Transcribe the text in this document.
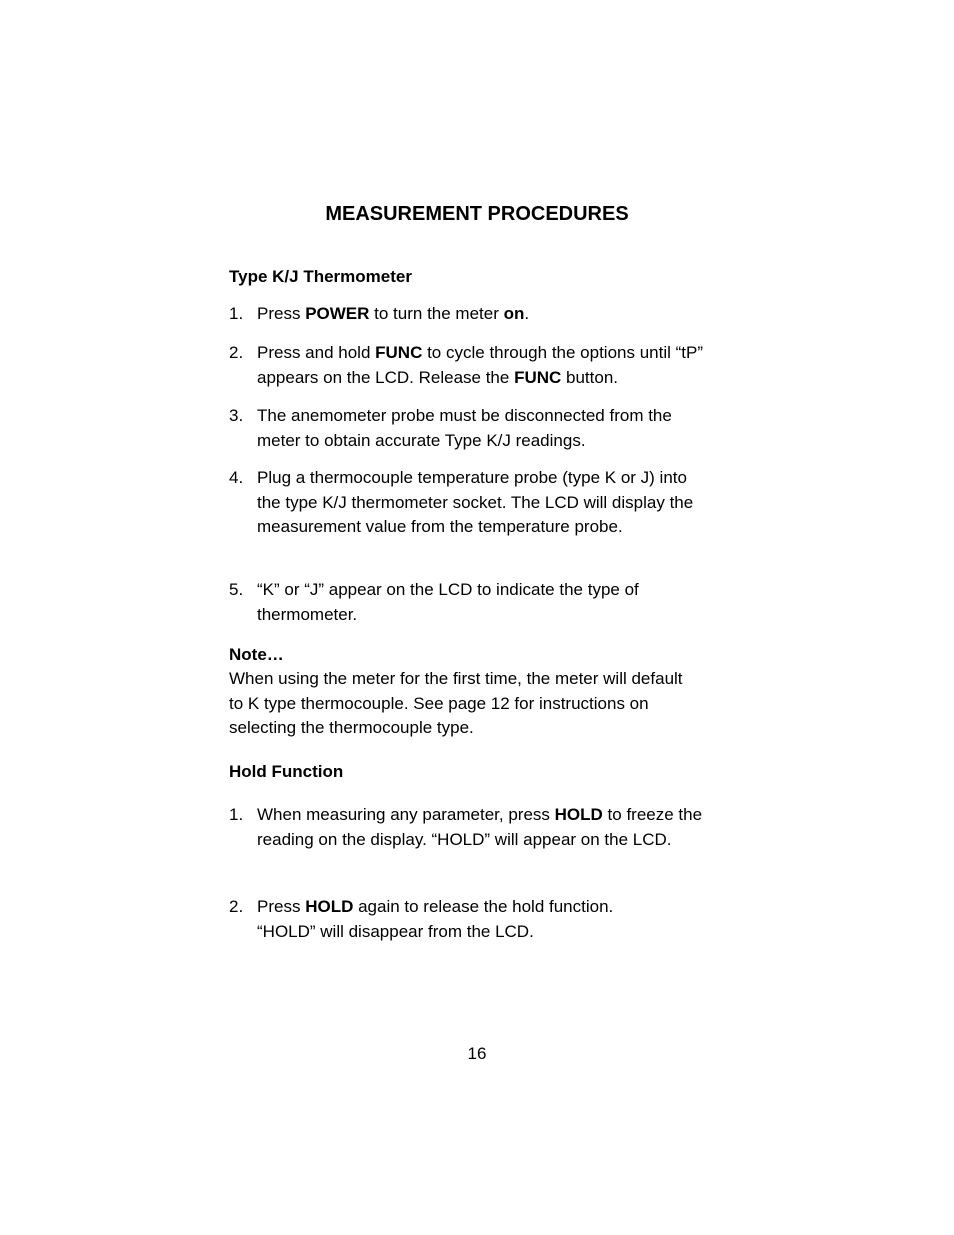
MEASUREMENT PROCEDURES
Type K/J Thermometer
1. Press POWER to turn the meter on.
2. Press and hold FUNC to cycle through the options until “tP” appears on the LCD. Release the FUNC button.
3. The anemometer probe must be disconnected from the meter to obtain accurate Type K/J readings.
4. Plug a thermocouple temperature probe (type K or J) into the type K/J thermometer socket. The LCD will display the measurement value from the temperature probe.
5. “K” or “J” appear on the LCD to indicate the type of thermometer.
Note…
When using the meter for the first time, the meter will default to K type thermocouple. See page 12 for instructions on selecting the thermocouple type.
Hold Function
1. When measuring any parameter, press HOLD to freeze the reading on the display. “HOLD” will appear on the LCD.
2. Press HOLD again to release the hold function. “HOLD” will disappear from the LCD.
16
